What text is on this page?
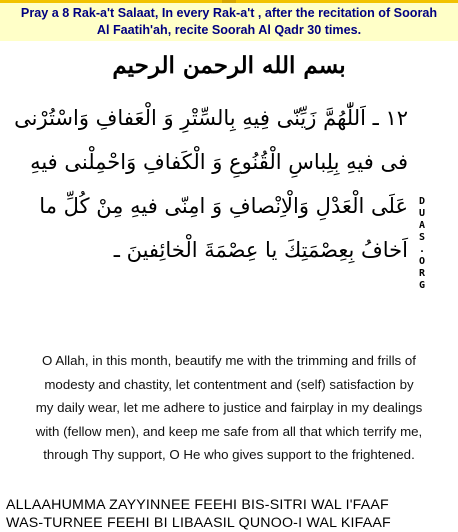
Pray a 8 Rak-a't Salaat, In every Rak-a't , after the recitation of Soorah
Al Faatih'ah, recite Soorah Al Qadr 30 times.
بسم الله الرحمن الرحيم
١٢ ـ اَللّٰهُمَّ زَيِّنّى فِيهِ بِالسِّتْرِ وَ الْعَفافِ وَاسْتُرْنى
فى فيهِ بِلِباسِ الْقُنُوعِ وَ الْكَفافِ وَاحْمِلْنى فيهِ
عَلَى الْعَدْلِ وَالْاِنْصافِ وَ امِنّى فيهِ مِنْ كُلِّ ما
اَخافُ بِعِصْمَتِكَ يا عِصْمَةَ الْخائِفينَ ـ
D
U
A
S
.
O
R
G
O Allah, in this month, beautify me with the trimming and frills of
modesty and chastity, let contentment and (self) satisfaction by
my daily wear, let me adhere to justice and fairplay in my dealings
with (fellow men), and keep me safe from all that which terrify me,
through Thy support, O He who gives support to the frightened.
ALLAAHUMMA ZAYYINNEE FEEHI BIS-SITRI WAL I'FAAF
WAS-TURNEE FEEHI BI LIBAASIL QUNOO-I WAL KIFAAF
